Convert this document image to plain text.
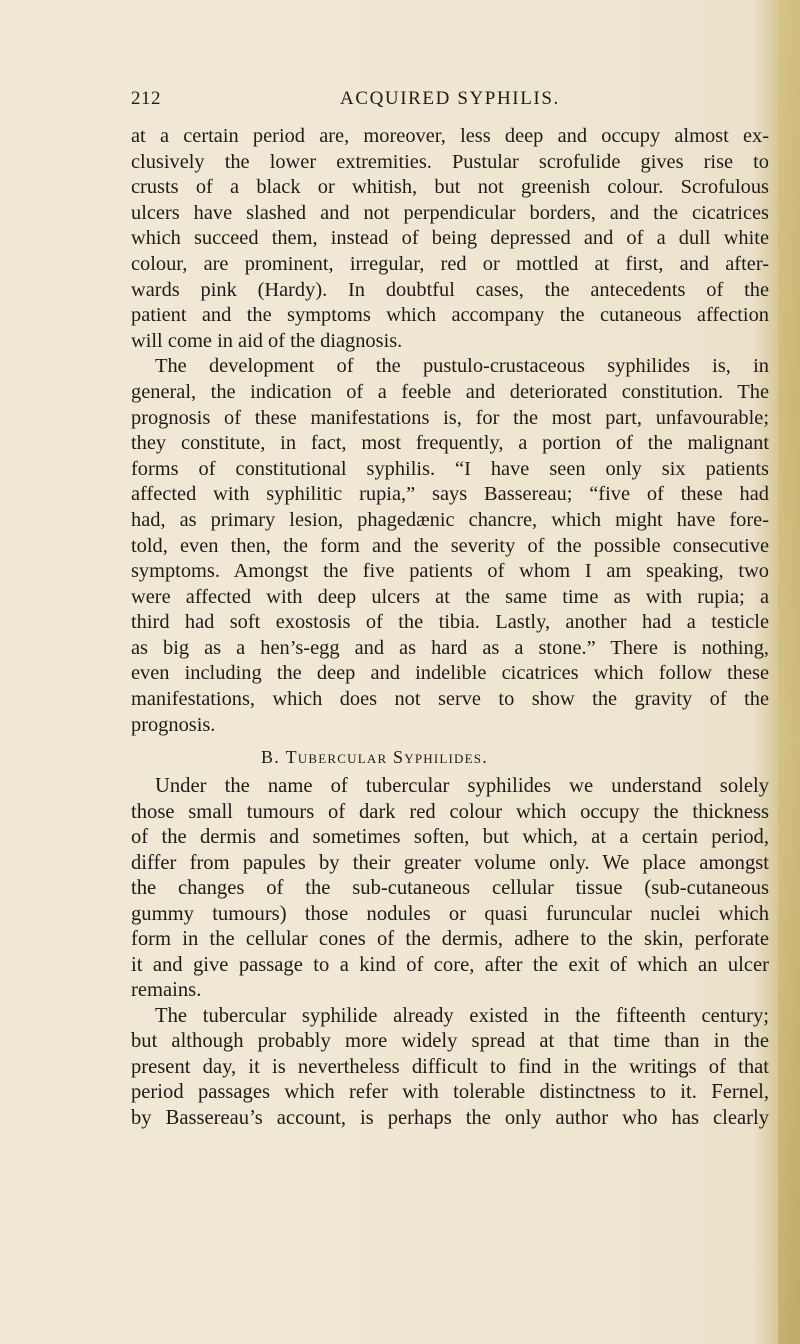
212	ACQUIRED SYPHILIS.
at a certain period are, moreover, less deep and occupy almost ex-
clusively the lower extremities. Pustular scrofulide gives rise to
crusts of a black or whitish, but not greenish colour. Scrofulous
ulcers have slashed and not perpendicular borders, and the cicatrices
which succeed them, instead of being depressed and of a dull white
colour, are prominent, irregular, red or mottled at first, and after-
wards pink (Hardy). In doubtful cases, the antecedents of the
patient and the symptoms which accompany the cutaneous affection
will come in aid of the diagnosis.
The development of the pustulo-crustaceous syphilides is, in
general, the indication of a feeble and deteriorated constitution. The
prognosis of these manifestations is, for the most part, unfavourable;
they constitute, in fact, most frequently, a portion of the malignant
forms of constitutional syphilis. “I have seen only six patients
affected with syphilitic rupia,” says Bassereau; “five of these had
had, as primary lesion, phagedænic chancre, which might have fore-
told, even then, the form and the severity of the possible consecutive
symptoms. Amongst the five patients of whom I am speaking, two
were affected with deep ulcers at the same time as with rupia; a
third had soft exostosis of the tibia. Lastly, another had a testicle
as big as a hen’s-egg and as hard as a stone.” There is nothing,
even including the deep and indelible cicatrices which follow these
manifestations, which does not serve to show the gravity of the
prognosis.
B. Tubercular Syphilides.
Under the name of tubercular syphilides we understand solely
those small tumours of dark red colour which occupy the thickness
of the dermis and sometimes soften, but which, at a certain period,
differ from papules by their greater volume only. We place amongst
the changes of the sub-cutaneous cellular tissue (sub-cutaneous
gummy tumours) those nodules or quasi furuncular nuclei which
form in the cellular cones of the dermis, adhere to the skin, perforate
it and give passage to a kind of core, after the exit of which an ulcer
remains.
The tubercular syphilide already existed in the fifteenth century;
but although probably more widely spread at that time than in the
present day, it is nevertheless difficult to find in the writings of that
period passages which refer with tolerable distinctness to it. Fernel,
by Bassereau’s account, is perhaps the only author who has clearly
